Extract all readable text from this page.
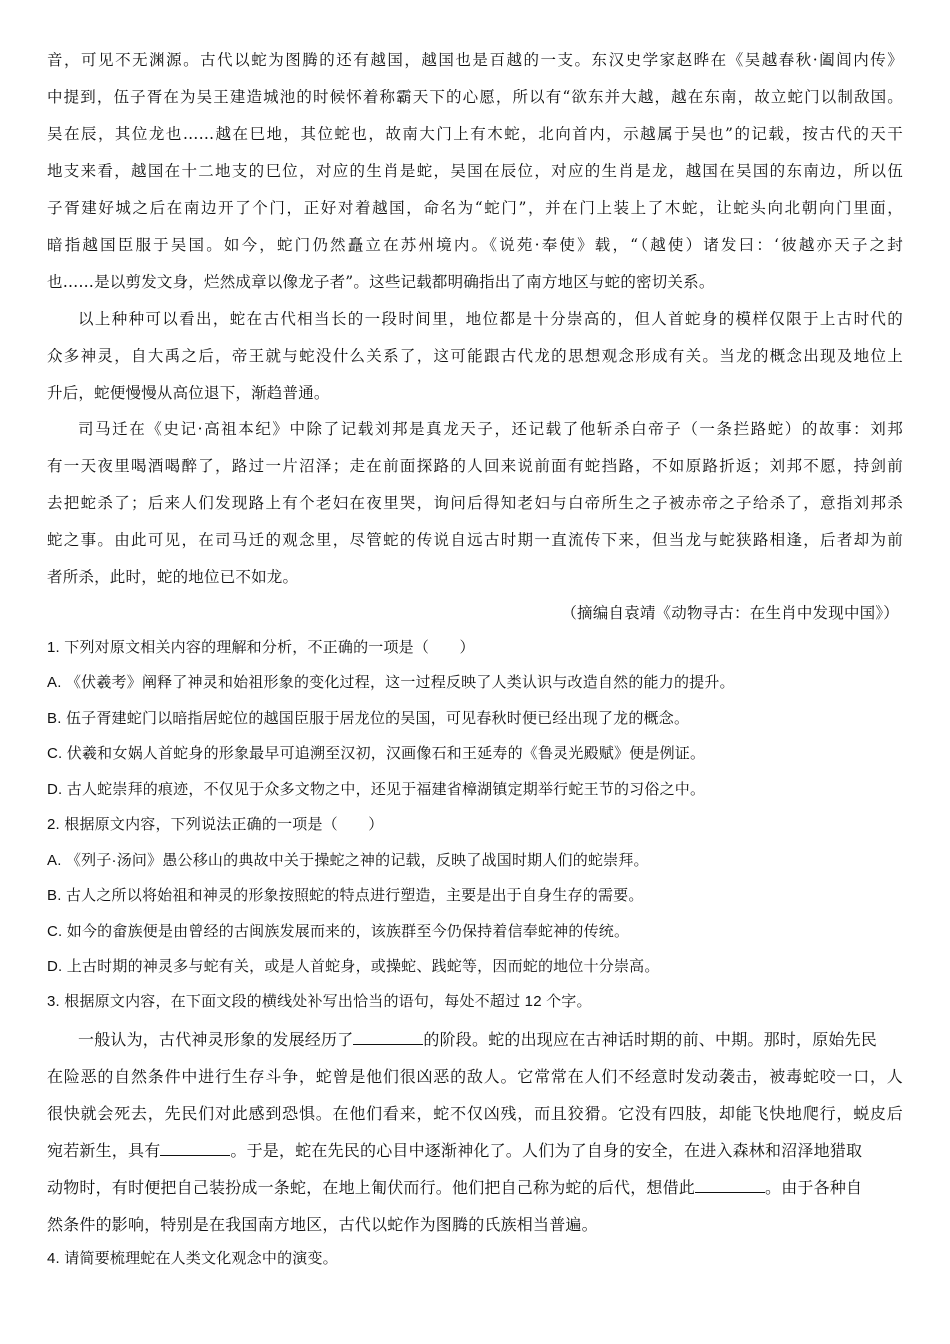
音，可见不无渊源。古代以蛇为图腾的还有越国，越国也是百越的一支。东汉史学家赵晔在《吴越春秋·阖闾内传》
中提到，伍子胥在为吴王建造城池的时候怀着称霸天下的心愿，所以有“欲东并大越，越在东南，故立蛇门以制敌国。
吴在辰，其位龙也……越在巳地，其位蛇也，故南大门上有木蛇，北向首内，示越属于吴也”的记载，按古代的天干
地支来看，越国在十二地支的巳位，对应的生肖是蛇，吴国在辰位，对应的生肖是龙，越国在吴国的东南边，所以伍
子胥建好城之后在南边开了个门，正好对着越国，命名为“蛇门”，并在门上装上了木蛇，让蛇头向北朝向门里面，
暗指越国臣服于吴国。如今，蛇门仍然矗立在苏州境内。《说苑·奉使》载，“（越使）诸发曰：‘彼越亦天子之封
也……是以剪发文身，烂然成章以像龙子者”。这些记载都明确指出了南方地区与蛇的密切关系。
以上种种可以看出，蛇在古代相当长的一段时间里，地位都是十分崇高的，但人首蛇身的模样仅限于上古时代的
众多神灵，自大禹之后，帝王就与蛇没什么关系了，这可能跟古代龙的思想观念形成有关。当龙的概念出现及地位上
升后，蛇便慢慢从高位退下，渐趋普通。
司马迁在《史记·高祖本纪》中除了记载刘邦是真龙天子，还记载了他斩杀白帝子（一条拦路蛇）的故事：刘邦
有一天夜里喝酒喝醉了，路过一片沼泽；走在前面探路的人回来说前面有蛇挡路，不如原路折返；刘邦不愿，持剑前
去把蛇杀了；后来人们发现路上有个老妇在夜里哭，询问后得知老妇与白帝所生之子被赤帝之子给杀了，意指刘邦杀
蛇之事。由此可见，在司马迁的观念里，尽管蛇的传说自远古时期一直流传下来，但当龙与蛇狭路相逢，后者却为前
者所杀，此时，蛇的地位已不如龙。
（摘编自袁靖《动物寻古：在生肖中发现中国》）
1. 下列对原文相关内容的理解和分析，不正确的一项是（　　）
A. 《伏羲考》阐释了神灵和始祖形象的变化过程，这一过程反映了人类认识与改造自然的能力的提升。
B. 伍子胥建蛇门以暗指居蛇位的越国臣服于居龙位的吴国，可见春秋时便已经出现了龙的概念。
C. 伏羲和女娲人首蛇身的形象最早可追溯至汉初，汉画像石和王延寿的《鲁灵光殿赋》便是例证。
D. 古人蛇崇拜的痕迹，不仅见于众多文物之中，还见于福建省樟湖镇定期举行蛇王节的习俗之中。
2. 根据原文内容，下列说法正确的一项是（　　）
A. 《列子·汤问》愚公移山的典故中关于操蛇之神的记载，反映了战国时期人们的蛇崇拜。
B. 古人之所以将始祖和神灵的形象按照蛇的特点进行塑造，主要是出于自身生存的需要。
C. 如今的畲族便是由曾经的古闽族发展而来的，该族群至今仍保持着信奉蛇神的传统。
D. 上古时期的神灵多与蛇有关，或是人首蛇身，或操蛇、践蛇等，因而蛇的地位十分崇高。
3. 根据原文内容，在下面文段的横线处补写出恰当的语句，每处不超过 12 个字。
一般认为，古代神灵形象的发展经历了	的阶段。蛇的出现应在古神话时期的前、中期。那时，原始先民
在险恶的自然条件中进行生存斗争，蛇曾是他们很凶恶的敌人。它常常在人们不经意时发动袭击，被毒蛇咬一口，人
很快就会死去，先民们对此感到恐惧。在他们看来，蛇不仅凶残，而且狡猾。它没有四肢，却能飞快地爬行，蜕皮后
宛若新生，具有	。于是，蛇在先民的心目中逐渐神化了。人们为了自身的安全，在进入森林和沼泽地猎取
动物时，有时便把自己装扮成一条蛇，在地上匍伏而行。他们把自己称为蛇的后代，想借此	。由于各种自
然条件的影响，特别是在我国南方地区，古代以蛇作为图腾的氏族相当普遍。
4. 请简要梳理蛇在人类文化观念中的演变。
